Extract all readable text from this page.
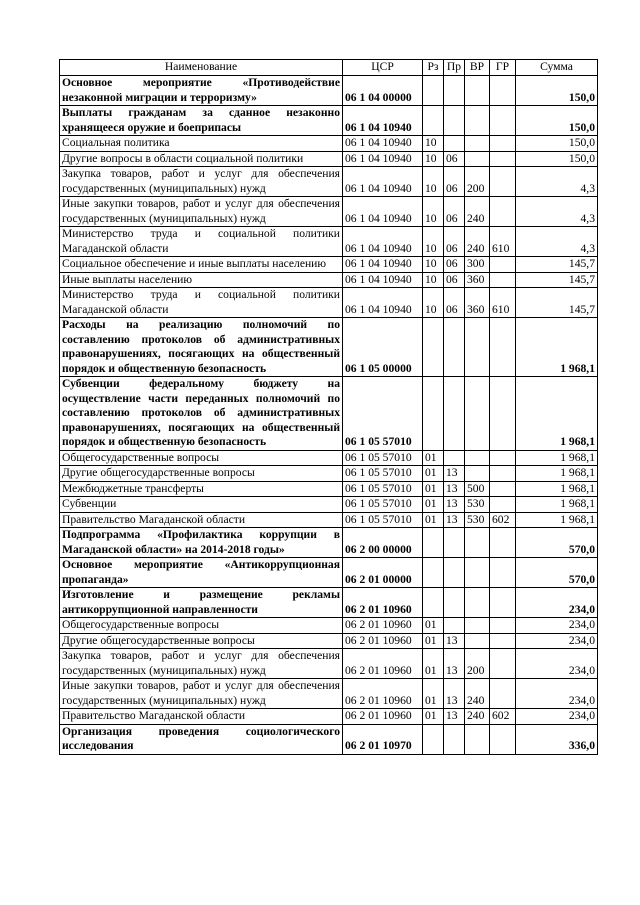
Наименование	ЦСР	Рз	Пр	ВР	ГР	Сумма
Основное мероприятие «Противодействие незаконной миграции и терроризму»	06 1 04 00000					150,0
Выплаты гражданам за сданное незаконно хранящееся оружие и боеприпасы	06 1 04 10940					150,0
Социальная политика	06 1 04 10940	10				150,0
Другие вопросы в области социальной политики	06 1 04 10940	10	06			150,0
Закупка товаров, работ и услуг для обеспечения государственных (муниципальных) нужд	06 1 04 10940	10	06	200		4,3
Иные закупки товаров, работ и услуг для обеспечения государственных (муниципальных) нужд	06 1 04 10940	10	06	240		4,3
Министерство труда и социальной политики Магаданской области	06 1 04 10940	10	06	240	610	4,3
Социальное обеспечение и иные выплаты населению	06 1 04 10940	10	06	300		145,7
Иные выплаты населению	06 1 04 10940	10	06	360		145,7
Министерство труда и социальной политики Магаданской области	06 1 04 10940	10	06	360	610	145,7
Расходы на реализацию полномочий по составлению протоколов об административных правонарушениях, посягающих на общественный порядок и общественную безопасность	06 1 05 00000					1 968,1
Субвенции федеральному бюджету на осуществление части переданных полномочий по составлению протоколов об административных правонарушениях, посягающих на общественный порядок и общественную безопасность	06 1 05 57010					1 968,1
Общегосударственные вопросы	06 1 05 57010	01				1 968,1
Другие общегосударственные вопросы	06 1 05 57010	01	13			1 968,1
Межбюджетные трансферты	06 1 05 57010	01	13	500		1 968,1
Субвенции	06 1 05 57010	01	13	530		1 968,1
Правительство Магаданской области	06 1 05 57010	01	13	530	602	1 968,1
Подпрограмма «Профилактика коррупции в Магаданской области» на 2014-2018 годы»	06 2 00 00000					570,0
Основное мероприятие «Антикоррупционная пропаганда»	06 2 01 00000					570,0
Изготовление и размещение рекламы антикоррупционной направленности	06 2 01 10960					234,0
Общегосударственные вопросы	06 2 01 10960	01				234,0
Другие общегосударственные вопросы	06 2 01 10960	01	13			234,0
Закупка товаров, работ и услуг для обеспечения государственных (муниципальных) нужд	06 2 01 10960	01	13	200		234,0
Иные закупки товаров, работ и услуг для обеспечения государственных (муниципальных) нужд	06 2 01 10960	01	13	240		234,0
Правительство Магаданской области	06 2 01 10960	01	13	240	602	234,0
Организация проведения социологического исследования	06 2 01 10970					336,0
